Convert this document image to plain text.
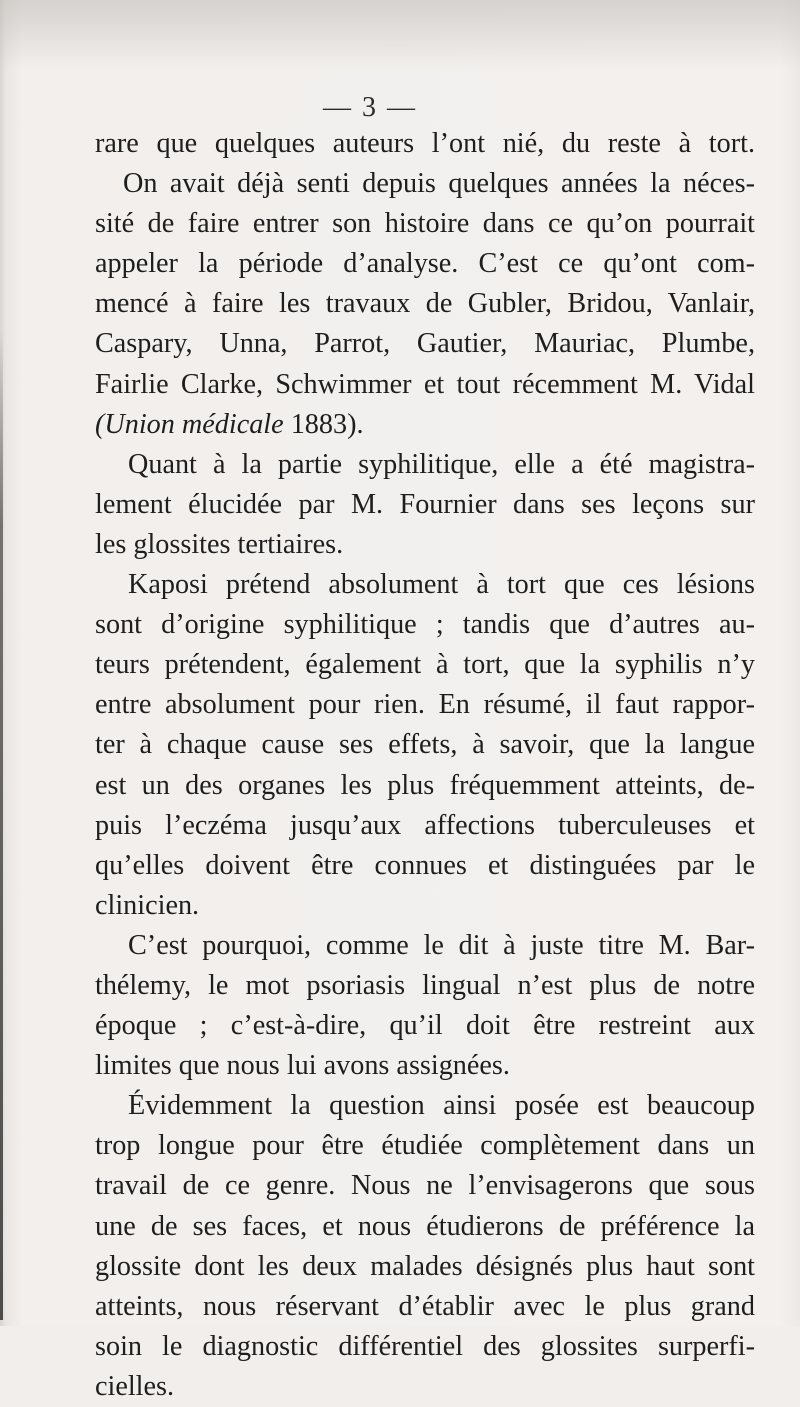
— 3 —
rare que quelques auteurs l’ont nié, du reste à tort.
On avait déjà senti depuis quelques années la néces-
sité de faire entrer son histoire dans ce qu’on pourrait
appeler la période d’analyse. C’est ce qu’ont com-
mencé à faire les travaux de Gubler, Bridou, Vanlair,
Caspary, Unna, Parrot, Gautier, Mauriac, Plumbe,
Fairlie Clarke, Schwimmer et tout récemment M. Vidal
(Union médicale 1883).
Quant à la partie syphilitique, elle a été magistra-
lement élucidée par M. Fournier dans ses leçons sur
les glossites tertiaires.
Kaposi prétend absolument à tort que ces lésions
sont d’origine syphilitique ; tandis que d’autres au-
teurs prétendent, également à tort, que la syphilis n’y
entre absolument pour rien. En résumé, il faut rappor-
ter à chaque cause ses effets, à savoir, que la langue
est un des organes les plus fréquemment atteints, de-
puis l’eczéma jusqu’aux affections tuberculeuses et
qu’elles doivent être connues et distinguées par le
clinicien.
C’est pourquoi, comme le dit à juste titre M. Bar-
thélemy, le mot psoriasis lingual n’est plus de notre
époque ; c’est-à-dire, qu’il doit être restreint aux
limites que nous lui avons assignées.
Évidemment la question ainsi posée est beaucoup
trop longue pour être étudiée complètement dans un
travail de ce genre. Nous ne l’envisagerons que sous
une de ses faces, et nous étudierons de préférence la
glossite dont les deux malades désignés plus haut sont
atteints, nous réservant d’établir avec le plus grand
soin le diagnostic différentiel des glossites surperfi-
cielles.
